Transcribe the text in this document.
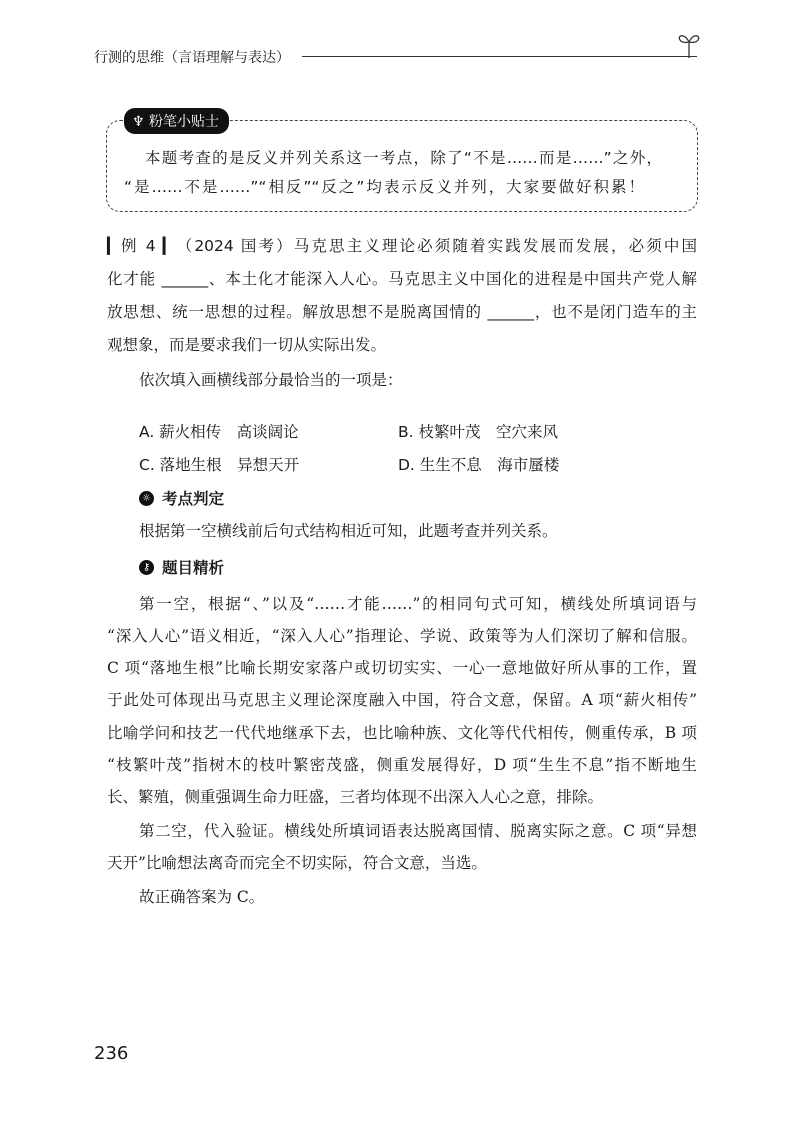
行测的思维（言语理解与表达）
♆ 粉笔小贴士
本题考查的是反义并列关系这一考点，除了“不是……而是……”之外，
“是……不是……”“相反”“反之”均表示反义并列，大家要做好积累！
▎例 4 ▎（2024 国考）马克思主义理论必须随着实践发展而发展，必须中国
化才能 ______、本土化才能深入人心。马克思主义中国化的进程是中国共产党人解
放思想、统一思想的过程。解放思想不是脱离国情的 ______，也不是闭门造车的主
观想象，而是要求我们一切从实际出发。
依次填入画横线部分最恰当的一项是：
A. 薪火相传　高谈阔论	B. 枝繁叶茂　空穴来风
C. 落地生根　异想天开	D. 生生不息　海市蜃楼
☼ 考点判定
根据第一空横线前后句式结构相近可知，此题考查并列关系。
⚷ 题目精析
第一空，根据“、”以及“……才能……”的相同句式可知，横线处所填词语与
“深入人心”语义相近，“深入人心”指理论、学说、政策等为人们深切了解和信服。
C 项“落地生根”比喻长期安家落户或切切实实、一心一意地做好所从事的工作，置
于此处可体现出马克思主义理论深度融入中国，符合文意，保留。A 项“薪火相传”
比喻学问和技艺一代代地继承下去，也比喻种族、文化等代代相传，侧重传承，B 项
“枝繁叶茂”指树木的枝叶繁密茂盛，侧重发展得好，D 项“生生不息”指不断地生
长、繁殖，侧重强调生命力旺盛，三者均体现不出深入人心之意，排除。
第二空，代入验证。横线处所填词语表达脱离国情、脱离实际之意。C 项“异想
天开”比喻想法离奇而完全不切实际，符合文意，当选。
故正确答案为 C。
236
